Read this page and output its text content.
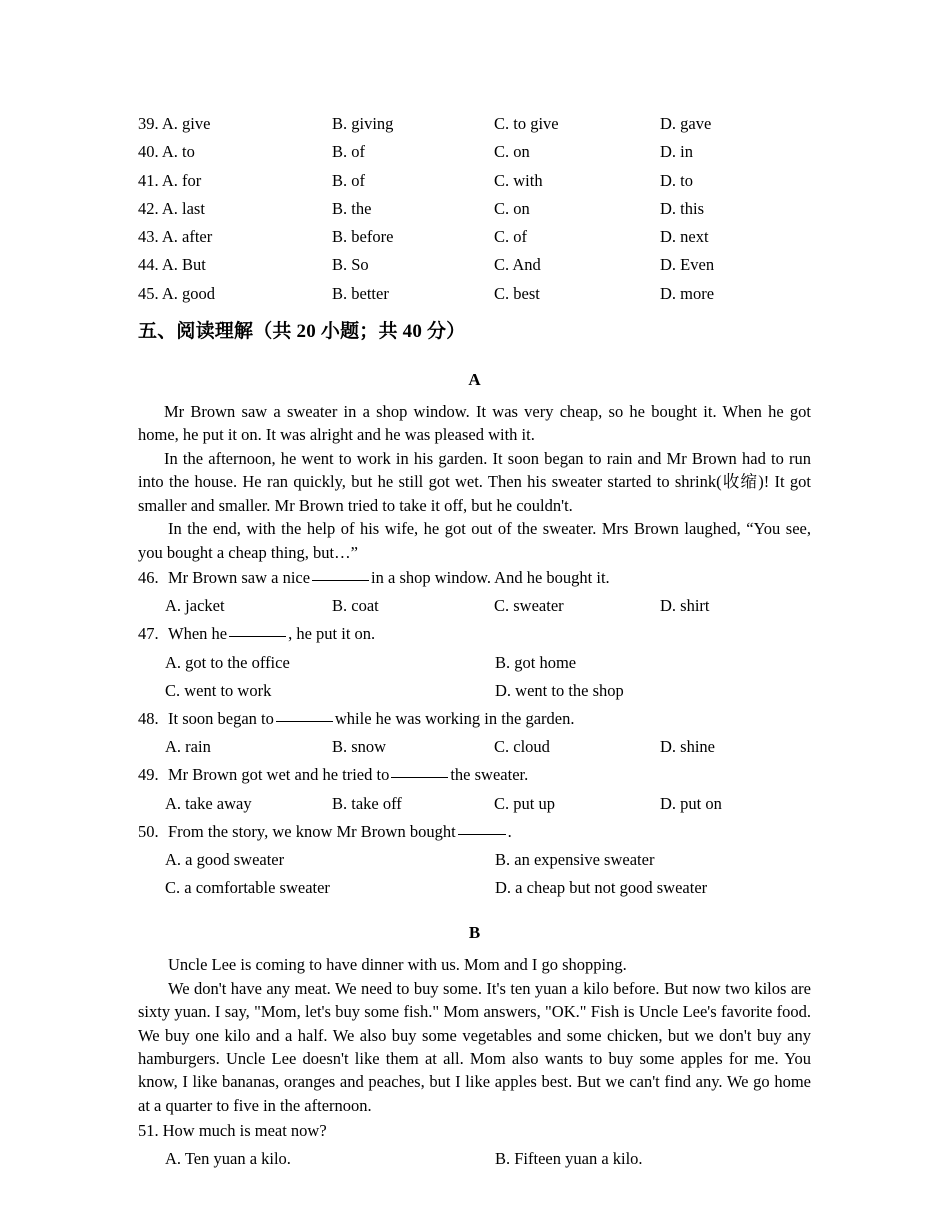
39. A. give	B. giving	C. to give	D. gave
40. A. to	B. of	C. on	D. in
41. A. for	B. of	C. with	D. to
42. A. last	B. the	C. on	D. this
43. A. after	B. before	C. of	D. next
44. A. But	B. So	C. And	D. Even
45. A. good	B. better	C. best	D. more
五、阅读理解（共 20 小题；共 40 分）
A

Mr Brown saw a sweater in a shop window. It was very cheap, so he bought it. When he got home, he put it on. It was alright and he was pleased with it.

In the afternoon, he went to work in his garden. It soon began to rain and Mr Brown had to run into the house. He ran quickly, but he still got wet. Then his sweater started to shrink(收缩)! It got smaller and smaller. Mr Brown tried to take it off, but he couldn't.

In the end, with the help of his wife, he got out of the sweater. Mrs Brown laughed, “You see, you bought a cheap thing, but…”

46. Mr Brown saw a nice	in a shop window. And he bought it.
A. jacket	B. coat	C. sweater	D. shirt
47. When he	, he put it on.
A. got to the office	B. got home
C. went to work	D. went to the shop
48. It soon began to	while he was working in the garden.
A. rain	B. snow	C. cloud	D. shine
49. Mr Brown got wet and he tried to	the sweater.
A. take away	B. take off	C. put up	D. put on
50. From the story, we know Mr Brown bought	.
A. a good sweater	B. an expensive sweater
C. a comfortable sweater	D. a cheap but not good sweater
B

Uncle Lee is coming to have dinner with us. Mom and I go shopping.

We don't have any meat. We need to buy some. It's ten yuan a kilo before. But now two kilos are sixty yuan. I say, "Mom, let's buy some fish." Mom answers, "OK." Fish is Uncle Lee's favorite food. We buy one kilo and a half. We also buy some vegetables and some chicken, but we don't buy any hamburgers. Uncle Lee doesn't like them at all. Mom also wants to buy some apples for me. You know, I like bananas, oranges and peaches, but I like apples best. But we can't find any. We go home at a quarter to five in the afternoon.

51. How much is meat now?
A. Ten yuan a kilo.	B. Fifteen yuan a kilo.
